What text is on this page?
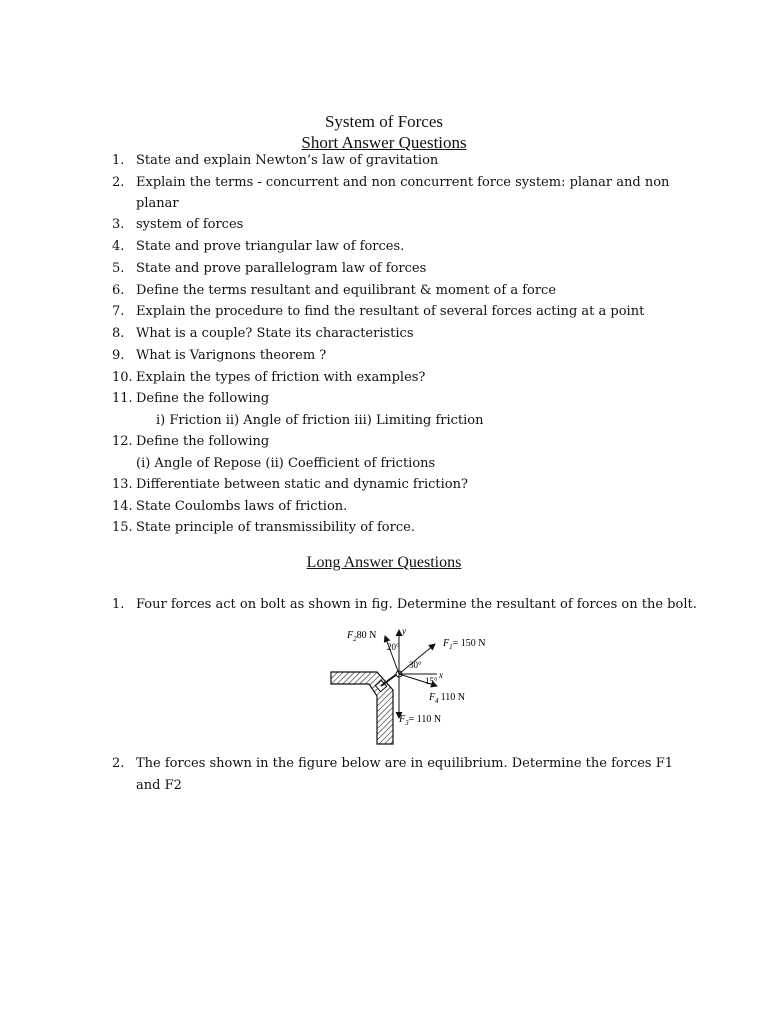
System of Forces
Short Answer Questions
1. State and explain Newton’s law of gravitation
2. Explain the terms - concurrent and non concurrent force system: planar and non
planar
3. system of forces
4. State and prove triangular law of forces.
5. State and prove parallelogram law of forces
6. Define the terms resultant and equilibrant & moment of a force
7. Explain the procedure to find the resultant of several forces acting at a point
8. What is a couple? State its characteristics
9. What is Varignons theorem ?
10. Explain the types of friction with examples?
11. Define the following
i) Friction ii) Angle of friction iii) Limiting friction
12. Define the following
(i) Angle of Repose (ii) Coefficient of frictions
13. Differentiate between static and dynamic friction?
14. State Coulombs laws of friction.
15. State principle of transmissibility of force.
Long Answer Questions
1. Four forces act on bolt as shown in fig. Determine the resultant of forces on the bolt.
2. The forces shown in the figure below are in equilibrium. Determine the forces F1
and F2
y
x
$F_280$ N
20°	$F_1= 150$ N
30°
15°
$F_4$ 110 N
$F_3= 110$ N
